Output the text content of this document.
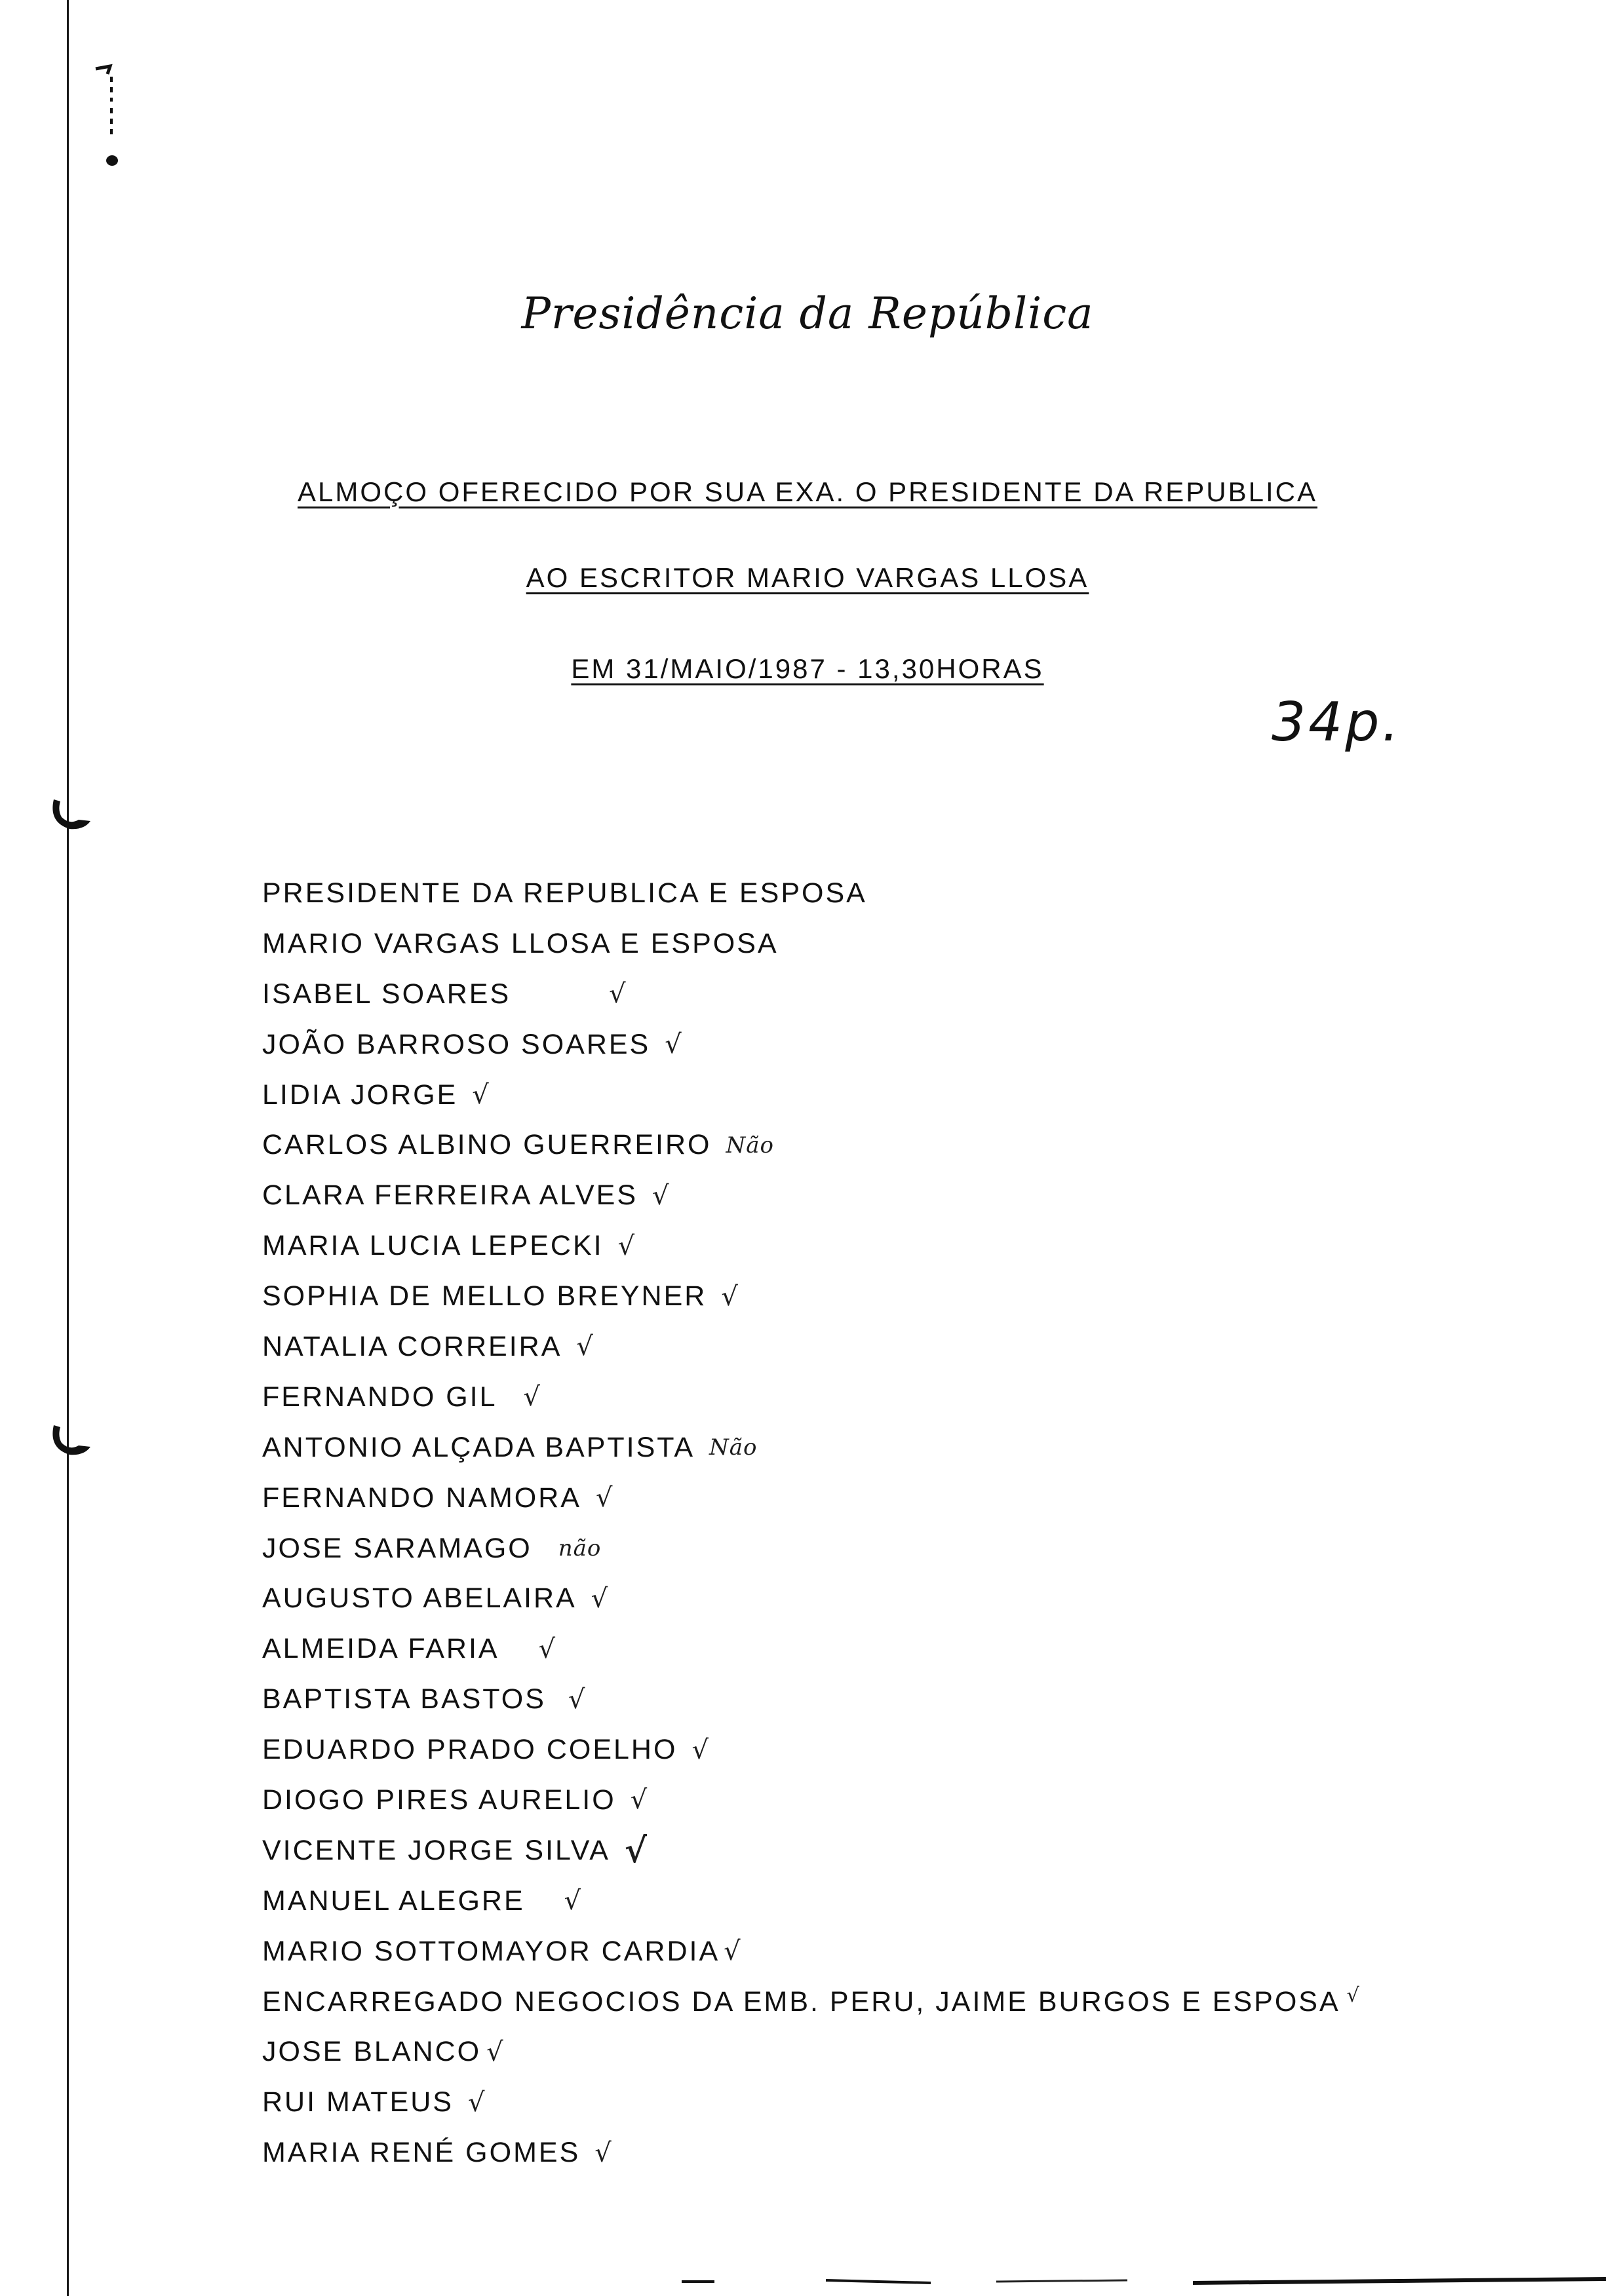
Presidência da República
ALMOÇO OFERECIDO POR SUA EXA. O PRESIDENTE DA REPUBLICA
AO ESCRITOR MARIO VARGAS LLOSA
EM 31/MAIO/1987 - 13,30HORAS
34p.
PRESIDENTE DA REPUBLICA E ESPOSA
MARIO VARGAS LLOSA E ESPOSA
ISABEL SOARES	√
JOÃO BARROSO SOARES √
LIDIA JORGE √
CARLOS ALBINO GUERREIRO Não
CLARA FERREIRA ALVES √
MARIA LUCIA LEPECKI √
SOPHIA DE MELLO BREYNER √
NATALIA CORREIRA √
FERNANDO GIL √
ANTONIO ALÇADA BAPTISTA Não
FERNANDO NAMORA √
JOSE SARAMAGO não
AUGUSTO ABELAIRA √
ALMEIDA FARIA √
BAPTISTA BASTOS √
EDUARDO PRADO COELHO √
DIOGO PIRES AURELIO √
VICENTE JORGE SILVA √
MANUEL ALEGRE √
MARIO SOTTOMAYOR CARDIA √
ENCARREGADO NEGOCIOS DA EMB. PERU, JAIME BURGOS E ESPOSA √
JOSE BLANCO √
RUI MATEUS √
MARIA RENÉ GOMES √
